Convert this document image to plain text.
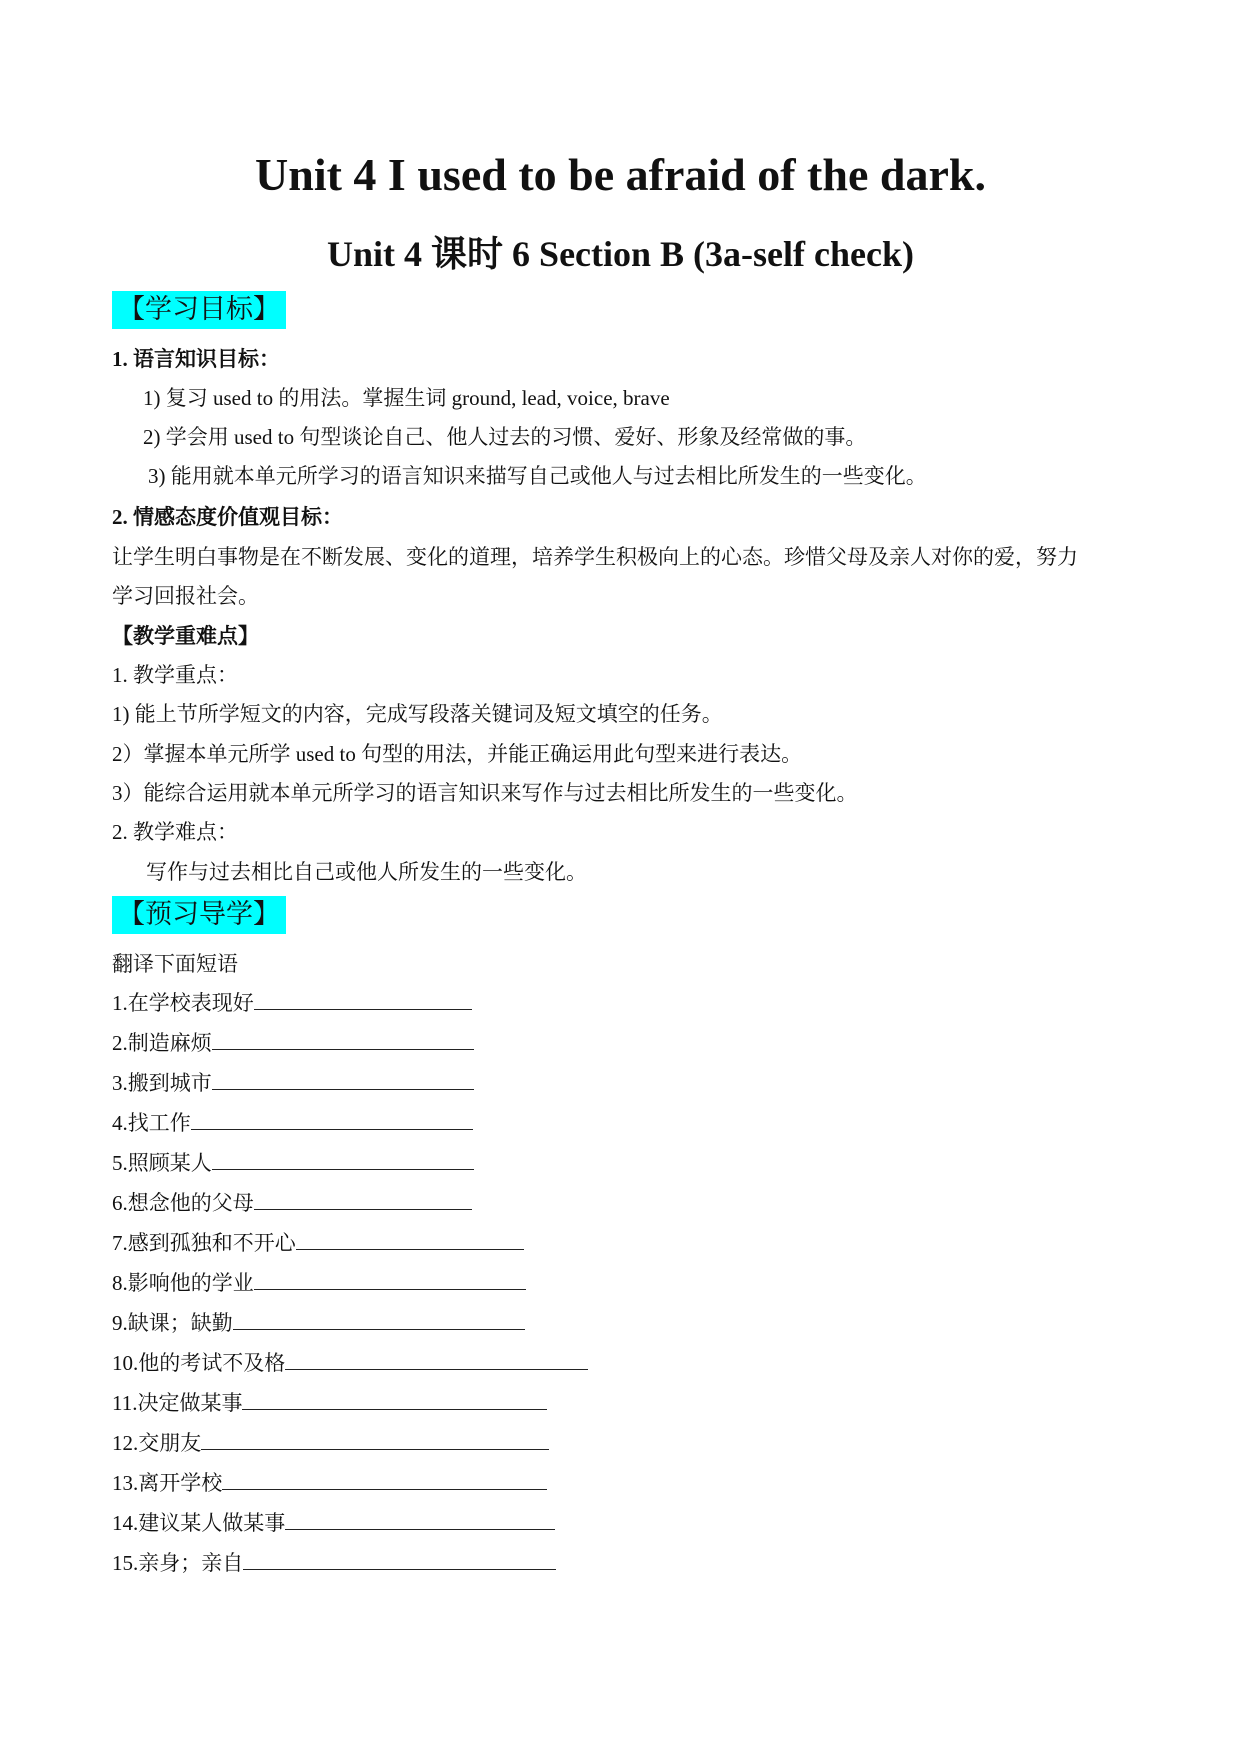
Unit 4 I used to be afraid of the dark.
Unit 4 课时 6 Section B (3a-self check)
【学习目标】
1. 语言知识目标：
1) 复习 used to 的用法。掌握生词 ground, lead, voice, brave
2) 学会用 used to 句型谈论自己、他人过去的习惯、爱好、形象及经常做的事。
3) 能用就本单元所学习的语言知识来描写自己或他人与过去相比所发生的一些变化。
2. 情感态度价值观目标：
让学生明白事物是在不断发展、变化的道理，培养学生积极向上的心态。珍惜父母及亲人对你的爱，努力
学习回报社会。
【教学重难点】
1. 教学重点：
1) 能上节所学短文的内容，完成写段落关键词及短文填空的任务。
2）掌握本单元所学 used to 句型的用法，并能正确运用此句型来进行表达。
3）能综合运用就本单元所学习的语言知识来写作与过去相比所发生的一些变化。
2. 教学难点：
写作与过去相比自己或他人所发生的一些变化。
【预习导学】
翻译下面短语
1.在学校表现好
2.制造麻烦
3.搬到城市
4.找工作
5.照顾某人
6.想念他的父母
7.感到孤独和不开心
8.影响他的学业
9.缺课；缺勤
10.他的考试不及格
11.决定做某事
12.交朋友
13.离开学校
14.建议某人做某事
15.亲身；亲自
